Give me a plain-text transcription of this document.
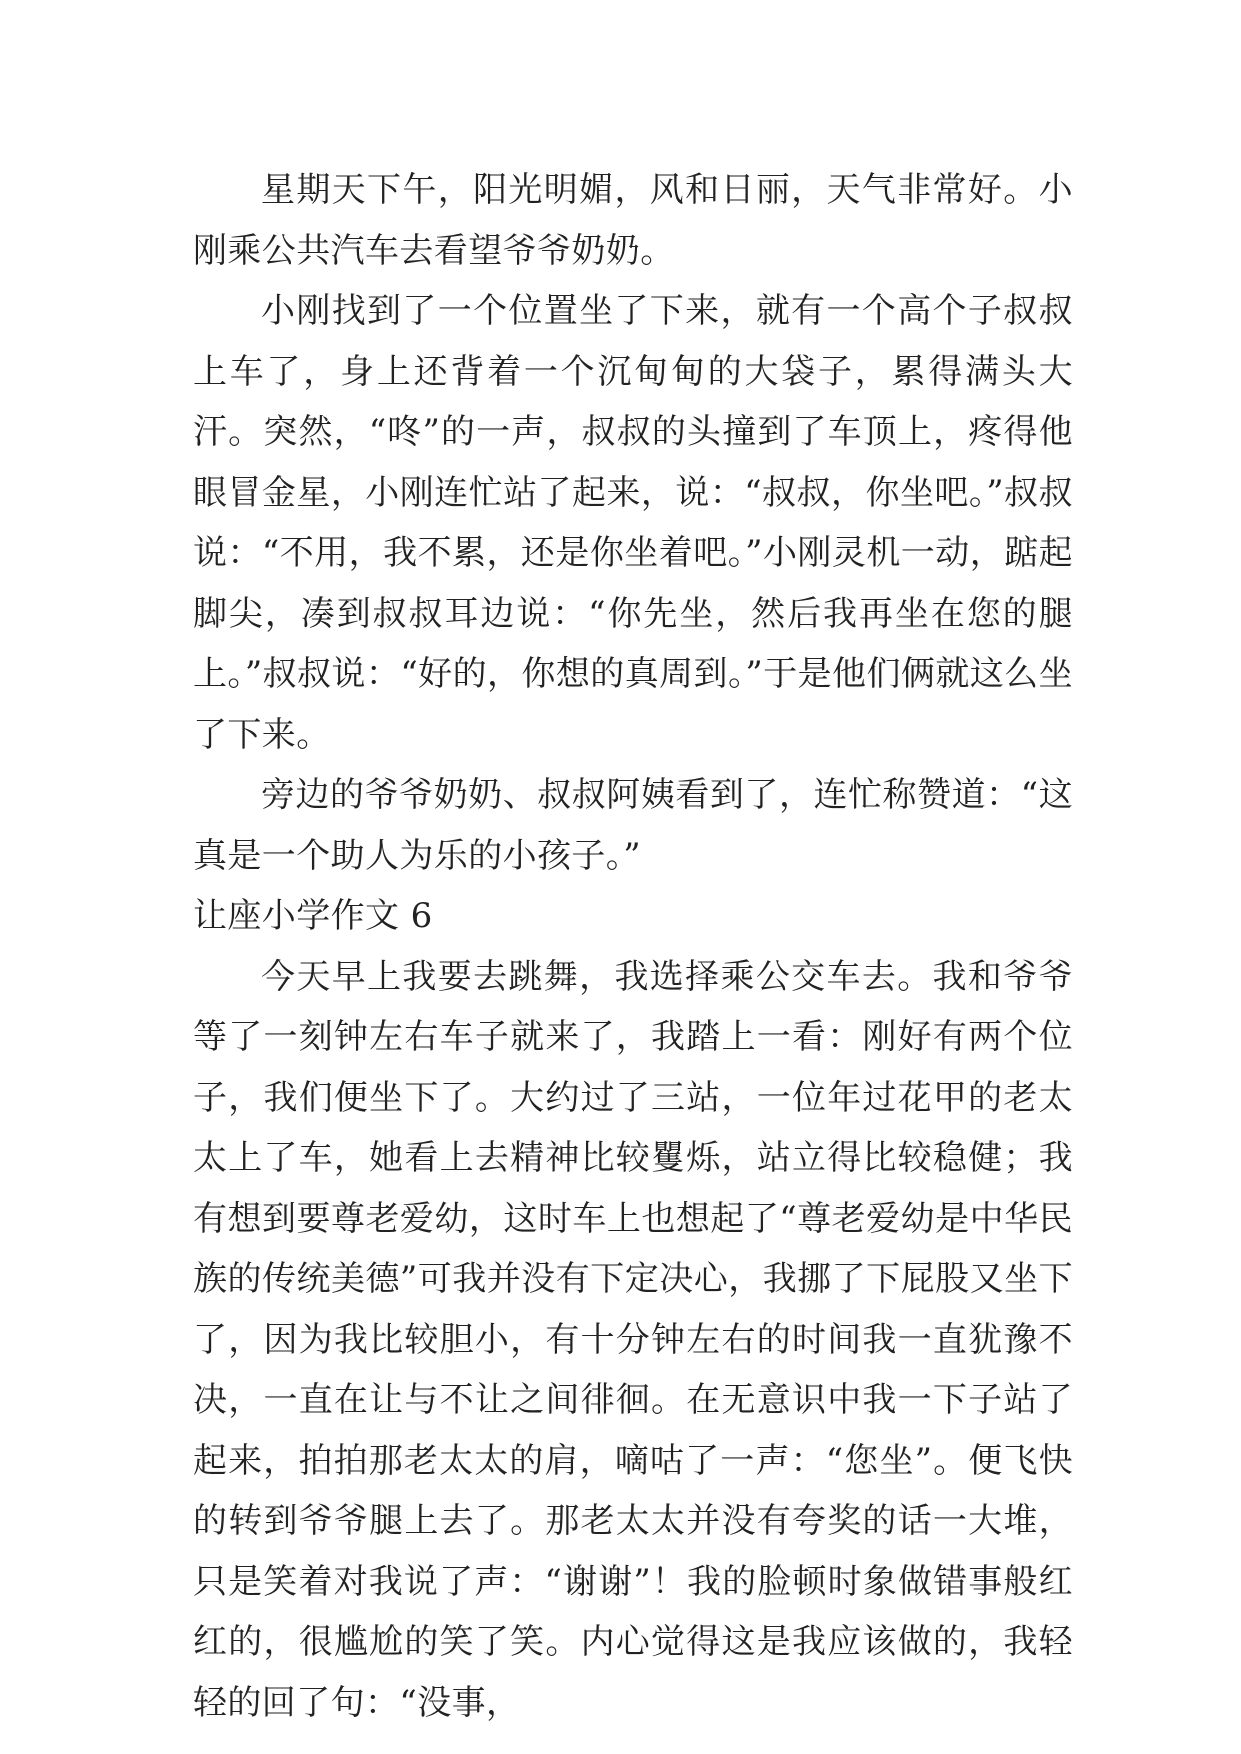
星期天下午，阳光明媚，风和日丽，天气非常好。小刚乘公共汽车去看望爷爷奶奶。

小刚找到了一个位置坐了下来，就有一个高个子叔叔上车了，身上还背着一个沉甸甸的大袋子，累得满头大汗。突然，“咚”的一声，叔叔的头撞到了车顶上，疼得他眼冒金星，小刚连忙站了起来，说：“叔叔，你坐吧。”叔叔说：“不用，我不累，还是你坐着吧。”小刚灵机一动，踮起脚尖，凑到叔叔耳边说：“你先坐，然后我再坐在您的腿上。”叔叔说：“好的，你想的真周到。”于是他们俩就这么坐了下来。

旁边的爷爷奶奶、叔叔阿姨看到了，连忙称赞道：“这真是一个助人为乐的小孩子。”

让座小学作文 6

今天早上我要去跳舞，我选择乘公交车去。我和爷爷等了一刻钟左右车子就来了，我踏上一看：刚好有两个位子，我们便坐下了。大约过了三站，一位年过花甲的老太太上了车，她看上去精神比较矍烁，站立得比较稳健；我有想到要尊老爱幼，这时车上也想起了“尊老爱幼是中华民族的传统美德”可我并没有下定决心，我挪了下屁股又坐下了，因为我比较胆小，有十分钟左右的时间我一直犹豫不决，一直在让与不让之间徘徊。在无意识中我一下子站了起来，拍拍那老太太的肩，嘀咕了一声：“您坐”。便飞快的转到爷爷腿上去了。那老太太并没有夸奖的话一大堆，只是笑着对我说了声：“谢谢”！我的脸顿时象做错事般红红的，很尴尬的笑了笑。内心觉得这是我应该做的，我轻轻的回了句：“没事，
